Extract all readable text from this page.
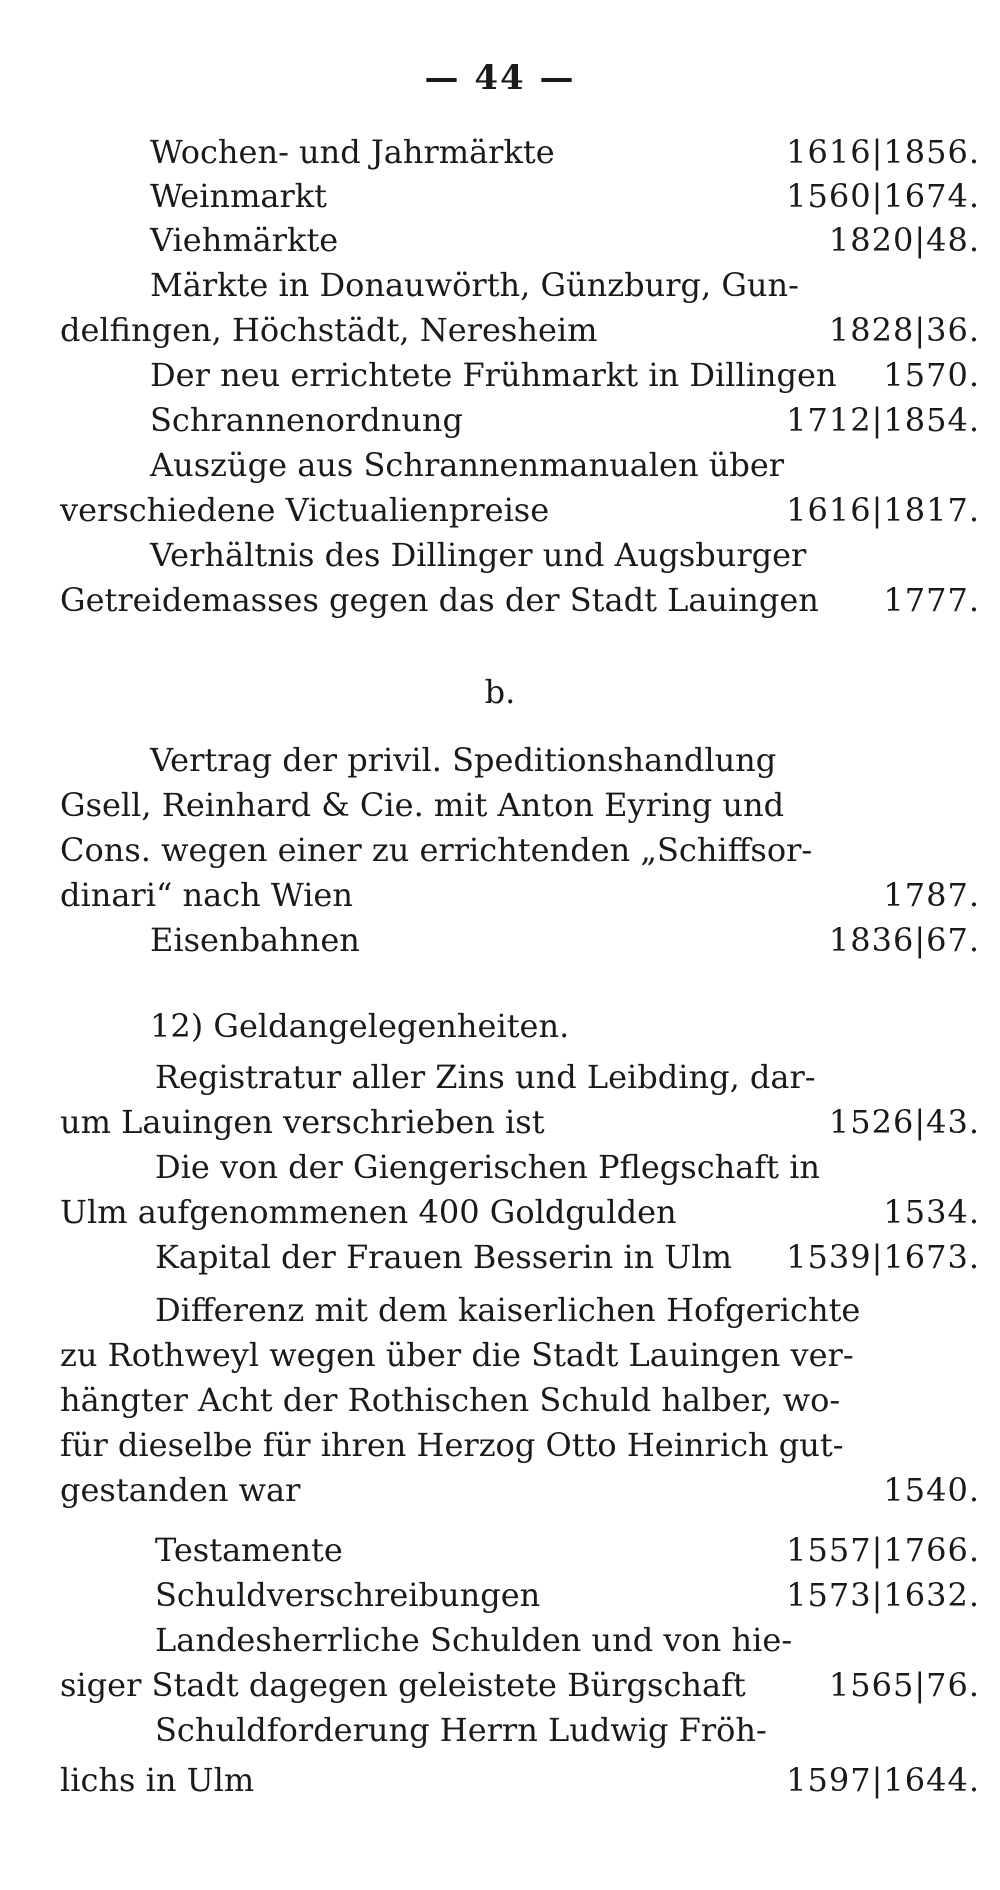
— 44 —
Wochen- und Jahrmärkte	1616|1856.
Weinmarkt	1560|1674.
Viehmärkte	1820|48.
Märkte in Donauwörth, Günzburg, Gun-
delfingen, Höchstädt, Neresheim	1828|36.
Der neu errichtete Frühmarkt in Dillingen 1570.
Schrannenordnung	1712|1854.
Auszüge aus Schrannenmanualen über
verschiedene Victualienpreise	1616|1817.
Verhältnis des Dillinger und Augsburger
Getreidemasses gegen das der Stadt Lauingen 1777.
b.
Vertrag der privil. Speditionshandlung
Gsell, Reinhard & Cie. mit Anton Eyring und
Cons. wegen einer zu errichtenden „Schiffsor-
dinari“ nach Wien	1787.
Eisenbahnen	1836|67.
12) Geldangelegenheiten.
Registratur aller Zins und Leibding, dar-
um Lauingen verschrieben ist	1526|43.
Die von der Giengerischen Pflegschaft in
Ulm aufgenommenen 400 Goldgulden	1534.
Kapital der Frauen Besserin in Ulm 1539|1673.
Differenz mit dem kaiserlichen Hofgerichte
zu Rothweyl wegen über die Stadt Lauingen ver-
hängter Acht der Rothischen Schuld halber, wo-
für dieselbe für ihren Herzog Otto Heinrich gut-
gestanden war	1540.
Testamente	1557|1766.
Schuldverschreibungen	1573|1632.
Landesherrliche Schulden und von hie-
siger Stadt dagegen geleistete Bürgschaft	1565|76.
Schuldforderung Herrn Ludwig Fröh-
lichs in Ulm	1597|1644.
